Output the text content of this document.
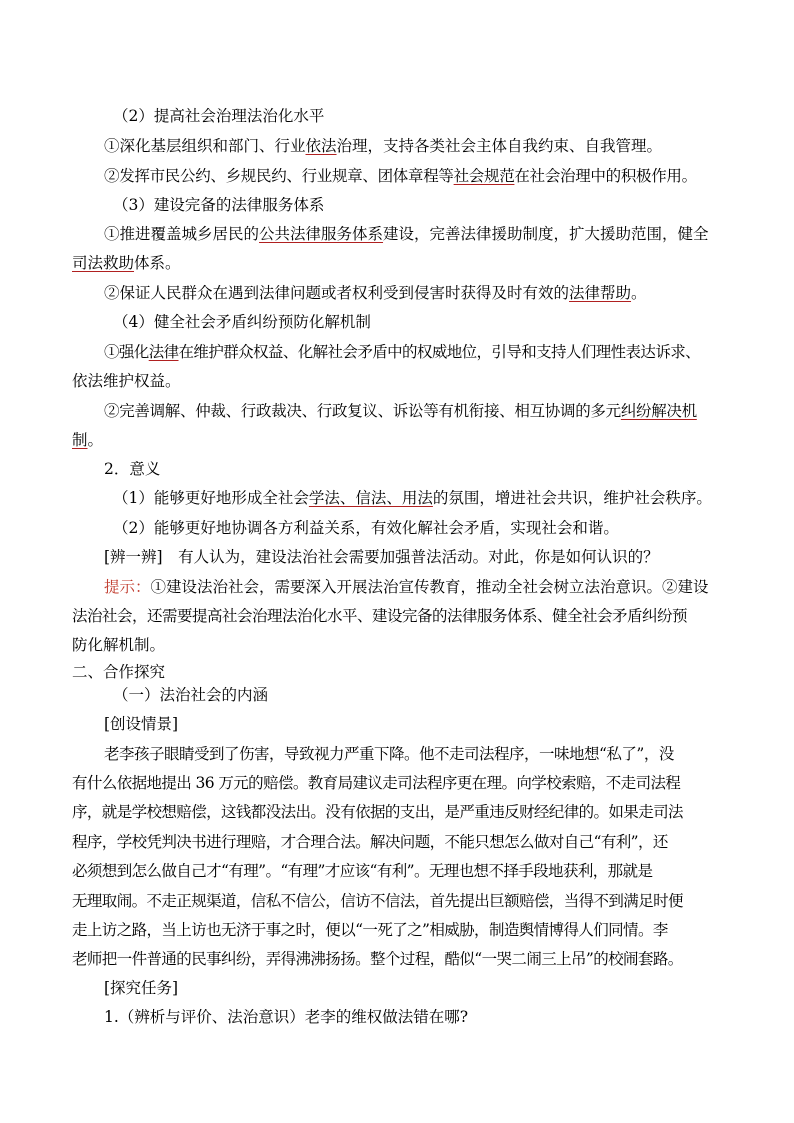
（2）提高社会治理法治化水平
①深化基层组织和部门、行业依法治理，支持各类社会主体自我约束、自我管理。
②发挥市民公约、乡规民约、行业规章、团体章程等社会规范在社会治理中的积极作用。
（3）建设完备的法律服务体系
①推进覆盖城乡居民的公共法律服务体系建设，完善法律援助制度，扩大援助范围，健全
司法救助体系。
②保证人民群众在遇到法律问题或者权利受到侵害时获得及时有效的法律帮助。
（4）健全社会矛盾纠纷预防化解机制
①强化法律在维护群众权益、化解社会矛盾中的权威地位，引导和支持人们理性表达诉求、
依法维护权益。
②完善调解、仲裁、行政裁决、行政复议、诉讼等有机衔接、相互协调的多元纠纷解决机
制。
2．意义
（1）能够更好地形成全社会学法、信法、用法的氛围，增进社会共识，维护社会秩序。
（2）能够更好地协调各方利益关系，有效化解社会矛盾，实现社会和谐。
[辨一辨]　有人认为，建设法治社会需要加强普法活动。对此，你是如何认识的？
提示：①建设法治社会，需要深入开展法治宣传教育，推动全社会树立法治意识。②建设
法治社会，还需要提高社会治理法治化水平、建设完备的法律服务体系、健全社会矛盾纠纷预
防化解机制。
二、合作探究
（一）法治社会的内涵
[创设情景]
老李孩子眼睛受到了伤害，导致视力严重下降。他不走司法程序，一味地想“私了”，没
有什么依据地提出 36 万元的赔偿。教育局建议走司法程序更在理。向学校索赔，不走司法程
序，就是学校想赔偿，这钱都没法出。没有依据的支出，是严重违反财经纪律的。如果走司法
程序，学校凭判决书进行理赔，才合理合法。解决问题，不能只想怎么做对自己“有利”，还
必须想到怎么做自己才“有理”。“有理”才应该“有利”。无理也想不择手段地获利，那就是
无理取闹。不走正规渠道，信私不信公，信访不信法，首先提出巨额赔偿，当得不到满足时便
走上访之路，当上访也无济于事之时，便以“一死了之”相威胁，制造舆情博得人们同情。李
老师把一件普通的民事纠纷，弄得沸沸扬扬。整个过程，酷似“一哭二闹三上吊”的校闹套路。
[探究任务]
1.（辨析与评价、法治意识）老李的维权做法错在哪?
